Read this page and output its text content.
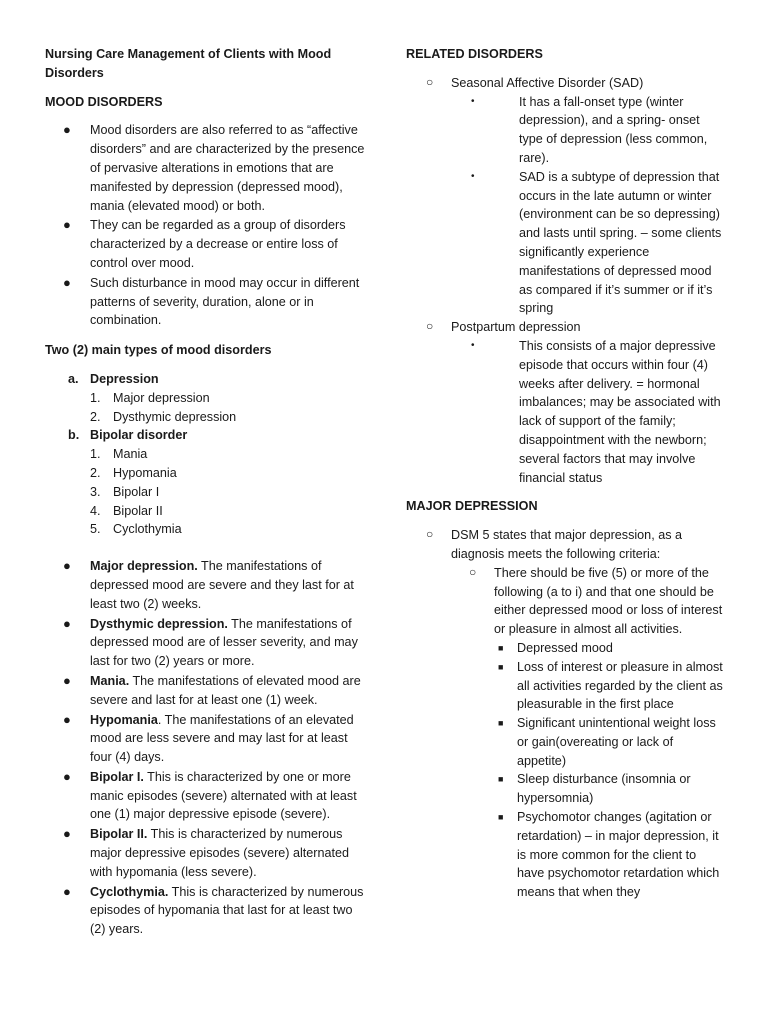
Nursing Care Management of Clients with Mood Disorders
MOOD DISORDERS
● Mood disorders are also referred to as “affective disorders” and are characterized by the presence of pervasive alterations in emotions that are manifested by depression (depressed mood), mania (elevated mood) or both.
● They can be regarded as a group of disorders characterized by a decrease or entire loss of control over mood.
● Such disturbance in mood may occur in different patterns of severity, duration, alone or in combination.
Two (2) main types of mood disorders
a. Depression
1. Major depression
2. Dysthymic depression
b. Bipolar disorder
1. Mania
2. Hypomania
3. Bipolar I
4. Bipolar II
5. Cyclothymia
● Major depression. The manifestations of depressed mood are severe and they last for at least two (2) weeks.
● Dysthymic depression. The manifestations of depressed mood are of lesser severity, and may last for two (2) years or more.
● Mania. The manifestations of elevated mood are severe and last for at least one (1) week.
● Hypomania. The manifestations of an elevated mood are less severe and may last for at least four (4) days.
● Bipolar I. This is characterized by one or more manic episodes (severe) alternated with at least one (1) major depressive episode (severe).
● Bipolar II. This is characterized by numerous major depressive episodes (severe) alternated with hypomania (less severe).
● Cyclothymia. This is characterized by numerous episodes of hypomania that last for at least two (2) years.
RELATED DISORDERS
○ Seasonal Affective Disorder (SAD)
•	It has a fall-onset type (winter depression), and a spring- onset type of depression (less common, rare).
•	SAD is a subtype of depression that occurs in the late autumn or winter (environment can be so depressing) and lasts until spring. – some clients significantly experience manifestations of depressed mood as compared if it’s summer or if it’s spring
○ Postpartum depression
•	This consists of a major depressive episode that occurs within four (4) weeks after delivery. = hormonal imbalances; may be associated with lack of support of the family; disappointment with the newborn; several factors that may involve financial status
MAJOR DEPRESSION
○ DSM 5 states that major depression, as a diagnosis meets the following criteria:
○ There should be five (5) or more of the following (a to i) and that one should be either depressed mood or loss of interest or pleasure in almost all activities.
■ Depressed mood
■ Loss of interest or pleasure in almost all activities regarded by the client as pleasurable in the first place
■ Significant unintentional weight loss or gain(overeating or lack of appetite)
■ Sleep disturbance (insomnia or hypersomnia)
■ Psychomotor changes (agitation or retardation) – in major depression, it is more common for the client to have psychomotor retardation which means that when they
